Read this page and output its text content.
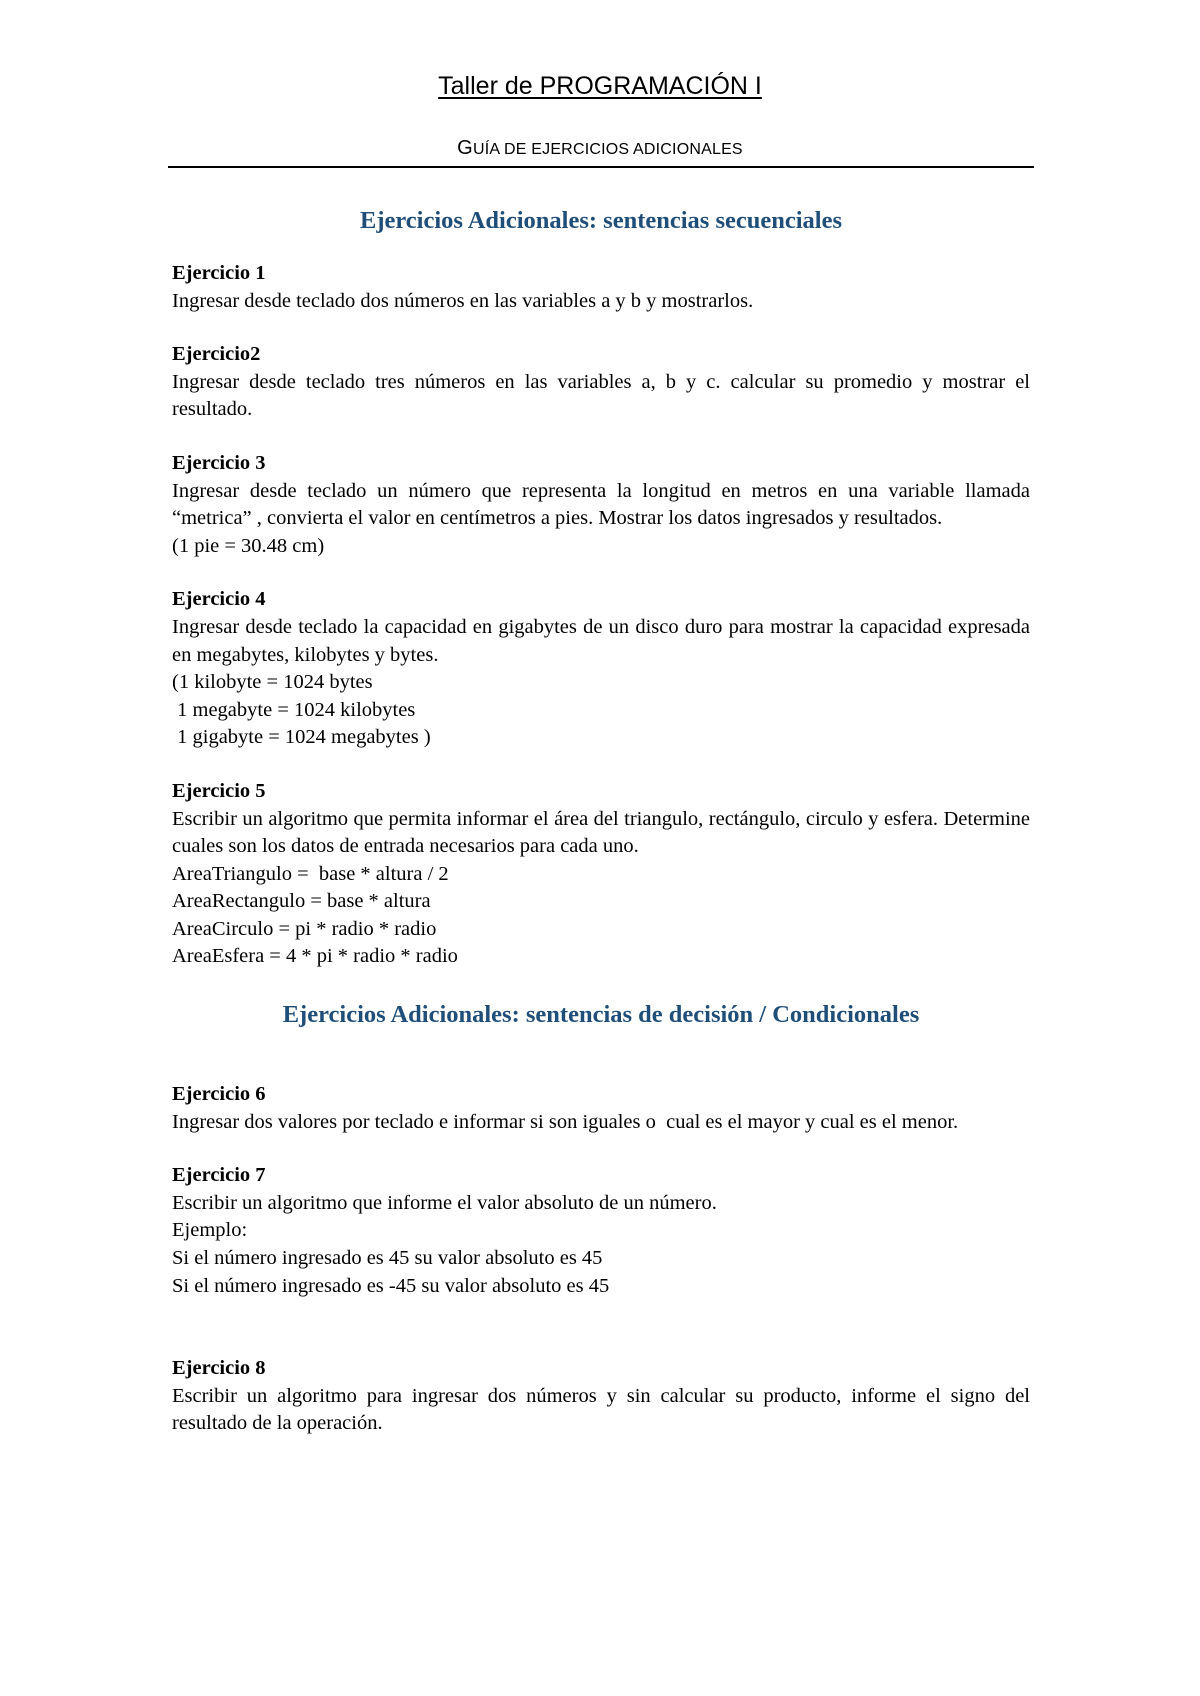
Taller de PROGRAMACIÓN I
GUÍA DE EJERCICIOS ADICIONALES
Ejercicios Adicionales: sentencias secuenciales
Ejercicio 1
Ingresar desde teclado dos números en las variables a y b y mostrarlos.
Ejercicio2
Ingresar desde teclado tres números en las variables a, b y c. calcular su promedio y mostrar el resultado.
Ejercicio 3
Ingresar desde teclado un número que representa la longitud en metros en una variable llamada “metrica” , convierta el valor en centímetros a pies. Mostrar los datos ingresados y resultados.
(1 pie = 30.48 cm)
Ejercicio 4
Ingresar desde teclado la capacidad en gigabytes de un disco duro para mostrar la capacidad expresada en megabytes, kilobytes y bytes.
(1 kilobyte = 1024 bytes
1 megabyte = 1024 kilobytes
1 gigabyte = 1024 megabytes )
Ejercicio 5
Escribir un algoritmo que permita informar el área del triangulo, rectángulo, circulo y esfera. Determine cuales son los datos de entrada necesarios para cada uno.
AreaTriangulo =  base * altura / 2
AreaRectangulo = base * altura
AreaCirculo = pi * radio * radio
AreaEsfera = 4 * pi * radio * radio
Ejercicios Adicionales: sentencias de decisión / Condicionales
Ejercicio 6
Ingresar dos valores por teclado e informar si son iguales o  cual es el mayor y cual es el menor.
Ejercicio 7
Escribir un algoritmo que informe el valor absoluto de un número.
Ejemplo:
Si el número ingresado es 45 su valor absoluto es 45
Si el número ingresado es -45 su valor absoluto es 45
Ejercicio 8
Escribir un algoritmo para ingresar dos números y sin calcular su producto, informe el signo del resultado de la operación.
